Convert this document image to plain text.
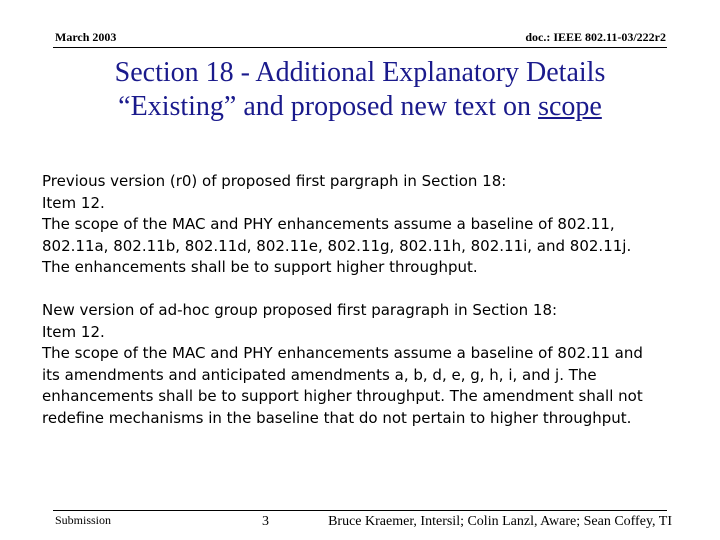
March 2003	doc.: IEEE 802.11-03/222r2
Section 18 - Additional Explanatory Details
“Existing” and proposed new text on scope
Previous version (r0) of proposed first pargraph in Section 18:
Item 12.
The scope of the MAC and PHY enhancements assume a baseline of 802.11,
802.11a, 802.11b, 802.11d, 802.11e, 802.11g, 802.11h, 802.11i, and 802.11j.
The enhancements shall be to support higher throughput.
New version of ad-hoc group proposed first paragraph in Section 18:
Item 12.
The scope of the MAC and PHY enhancements assume a baseline of 802.11 and
its amendments and anticipated amendments a, b, d, e, g, h, i, and j. The
enhancements shall be to support higher throughput. The amendment shall not
redefine mechanisms in the baseline that do not pertain to higher throughput.
Submission	3	Bruce Kraemer, Intersil; Colin Lanzl, Aware; Sean Coffey, TI
